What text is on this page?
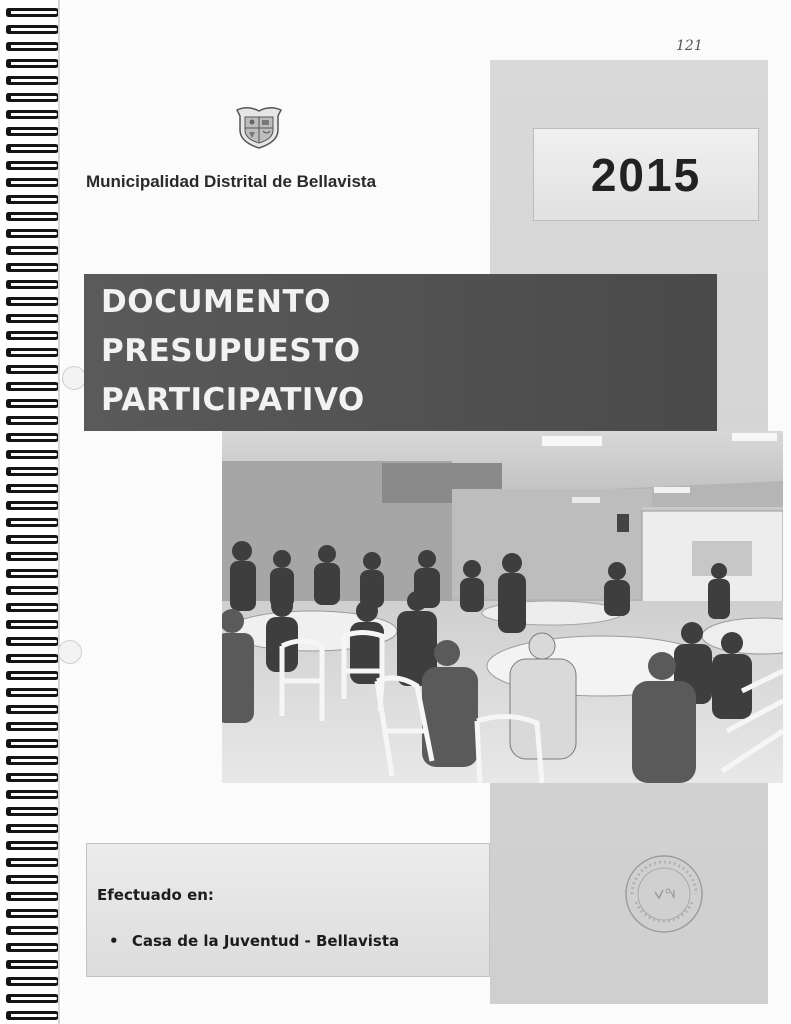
121
2015
Municipalidad Distrital de Bellavista
DOCUMENTO
PRESUPUESTO
PARTICIPATIVO
Efectuado en:
• Casa de la Juventud - Bellavista
